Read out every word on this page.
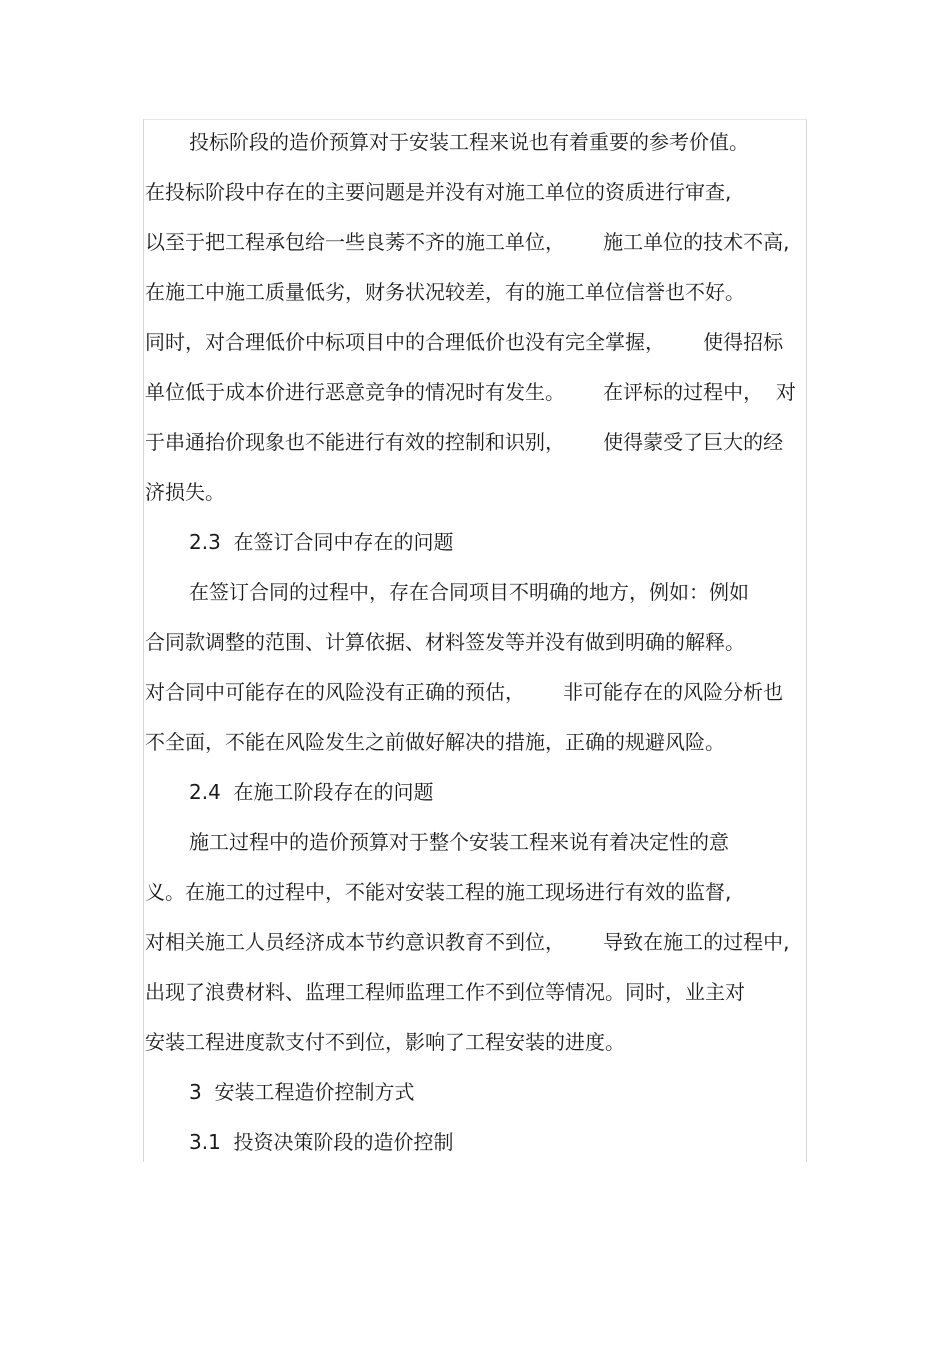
投标阶段的造价预算对于安装工程来说也有着重要的参考价值。
在投标阶段中存在的主要问题是并没有对施工单位的资质进行审查,
以至于把工程承包给一些良莠不齐的施工单位，      施工单位的技术不高,
在施工中施工质量低劣，财务状况较差，有的施工单位信誉也不好。
同时，对合理低价中标项目中的合理低价也没有完全掌握，      使得招标
单位低于成本价进行恶意竞争的情况时有发生。      在评标的过程中，  对
于串通抬价现象也不能进行有效的控制和识别，      使得蒙受了巨大的经
济损失。
2.3  在签订合同中存在的问题
在签订合同的过程中，存在合同项目不明确的地方，例如：例如
合同款调整的范围、计算依据、材料签发等并没有做到明确的解释。
对合同中可能存在的风险没有正确的预估，      非可能存在的风险分析也
不全面，不能在风险发生之前做好解决的措施，正确的规避风险。
2.4  在施工阶段存在的问题
施工过程中的造价预算对于整个安装工程来说有着决定性的意
义。在施工的过程中，不能对安装工程的施工现场进行有效的监督,
对相关施工人员经济成本节约意识教育不到位，      导致在施工的过程中,
出现了浪费材料、监理工程师监理工作不到位等情况。同时，业主对
安装工程进度款支付不到位，影响了工程安装的进度。
3  安装工程造价控制方式
3.1  投资决策阶段的造价控制
